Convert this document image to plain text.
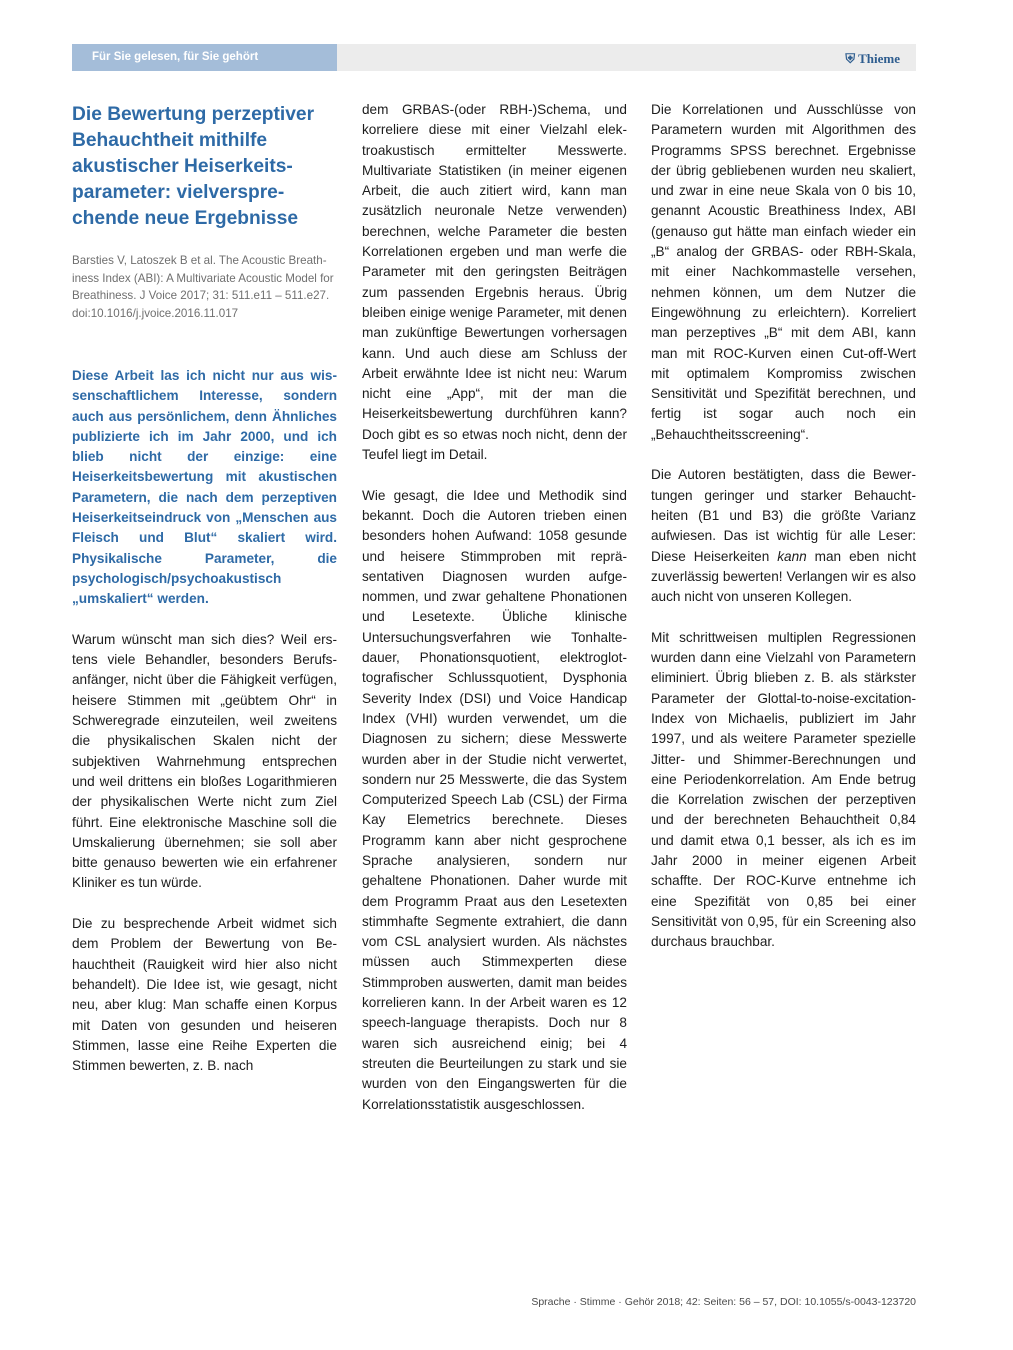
Für Sie gelesen, für Sie gehört	⛨ Thieme
Die Bewertung perzeptiver Behauchtheit mithilfe akustischer Heiserkeitsparameter: vielversprechende neue Ergebnisse
Barsties V, Latoszek B et al. The Acoustic Breathiness Index (ABI): A Multivariate Acoustic Model for Breathiness. J Voice 2017; 31: 511.e11 – 511.e27. doi:10.1016/j.jvoice.2016.11.017

Diese Arbeit las ich nicht nur aus wissenschaftlichem Interesse, sondern auch aus persönlichem, denn Ähnliches publizierte ich im Jahr 2000, und ich blieb nicht der einzige: eine Heiserkeitsbewertung mit akustischen Parametern, die nach dem perzeptiven Heiserkeitseindruck von „Menschen aus Fleisch und Blut“ skaliert wird. Physikalische Parameter, die psychologisch/psychoakustisch „umskaliert“ werden.

Warum wünscht man sich dies? Weil erstens viele Behandler, besonders Berufsanfänger, nicht über die Fähigkeit verfügen, heisere Stimmen mit „geübtem Ohr“ in Schweregrade einzuteilen, weil zweitens die physikalischen Skalen nicht der subjektiven Wahrnehmung entsprechen und weil drittens ein bloßes Logarithmieren der physikalischen Werte nicht zum Ziel führt. Eine elektronische Maschine soll die Umskalierung übernehmen; sie soll aber bitte genauso bewerten wie ein erfahrener Kliniker es tun würde.

Die zu besprechende Arbeit widmet sich dem Problem der Bewertung von Behauchtheit (Rauigkeit wird hier also nicht behandelt). Die Idee ist, wie gesagt, nicht neu, aber klug: Man schaffe einen Korpus mit Daten von gesunden und heiseren Stimmen, lasse eine Reihe Experten die Stimmen bewerten, z. B. nach

dem GRBAS-(oder RBH-)Schema, und korreliere diese mit einer Vielzahl elektroakustisch ermittelter Messwerte. Multivariate Statistiken (in meiner eigenen Arbeit, die auch zitiert wird, kann man zusätzlich neuronale Netze verwenden) berechnen, welche Parameter die besten Korrelationen ergeben und man werfe die Parameter mit den geringsten Beiträgen zum passenden Ergebnis heraus. Übrig bleiben einige wenige Parameter, mit denen man zukünftige Bewertungen vorhersagen kann. Und auch diese am Schluss der Arbeit erwähnte Idee ist nicht neu: Warum nicht eine „App“, mit der man die Heiserkeitsbewertung durchführen kann? Doch gibt es so etwas noch nicht, denn der Teufel liegt im Detail.

Wie gesagt, die Idee und Methodik sind bekannt. Doch die Autoren trieben einen besonders hohen Aufwand: 1058 gesunde und heisere Stimmproben mit repräsentativen Diagnosen wurden aufgenommen, und zwar gehaltene Phonationen und Lesetexte. Übliche klinische Untersuchungsverfahren wie Tonhaltedauer, Phonationsquotient, elektroglottografischer Schlussquotient, Dysphonia Severity Index (DSI) und Voice Handicap Index (VHI) wurden verwendet, um die Diagnosen zu sichern; diese Messwerte wurden aber in der Studie nicht verwertet, sondern nur 25 Messwerte, die das System Computerized Speech Lab (CSL) der Firma Kay Elemetrics berechnete. Dieses Programm kann aber nicht gesprochene Sprache analysieren, sondern nur gehaltene Phonationen. Daher wurde mit dem Programm Praat aus den Lesetexten stimmhafte Segmente extrahiert, die dann vom CSL analysiert wurden. Als nächstes müssen auch Stimmexperten diese Stimmproben auswerten, damit man beides korrelieren kann. In der Arbeit waren es 12 speech-language therapists. Doch nur 8 waren sich ausreichend einig; bei 4 streuten die Beurteilungen zu stark und sie wurden von den Eingangswerten für die Korrelationsstatistik ausgeschlossen.

Die Korrelationen und Ausschlüsse von Parametern wurden mit Algorithmen des Programms SPSS berechnet. Ergebnisse der übrig gebliebenen wurden neu skaliert, und zwar in eine neue Skala von 0 bis 10, genannt Acoustic Breathiness Index, ABI (genauso gut hätte man einfach wieder ein „B“ analog der GRBAS- oder RBH-Skala, mit einer Nachkommastelle versehen, nehmen können, um dem Nutzer die Eingewöhnung zu erleichtern). Korreliert man perzeptives „B“ mit dem ABI, kann man mit ROC-Kurven einen Cut-off-Wert mit optimalem Kompromiss zwischen Sensitivität und Spezifität berechnen, und fertig ist sogar auch noch ein „Behauchtheitsscreening“.

Die Autoren bestätigten, dass die Bewertungen geringer und starker Behauchtheiten (B1 und B3) die größte Varianz aufwiesen. Das ist wichtig für alle Leser: Diese Heiserkeiten kann man eben nicht zuverlässig bewerten! Verlangen wir es also auch nicht von unseren Kollegen.

Mit schrittweisen multiplen Regressionen wurden dann eine Vielzahl von Parametern eliminiert. Übrig blieben z. B. als stärkster Parameter der Glottal-to-noise-excitation-Index von Michaelis, publiziert im Jahr 1997, und als weitere Parameter spezielle Jitter- und Shimmer-Berechnungen und eine Periodenkorrelation. Am Ende betrug die Korrelation zwischen der perzeptiven und der berechneten Behauchtheit 0,84 und damit etwa 0,1 besser, als ich es im Jahr 2000 in meiner eigenen Arbeit schaffte. Der ROC-Kurve entnehme ich eine Spezifität von 0,85 bei einer Sensitivität von 0,95, für ein Screening also durchaus brauchbar.

Sprache · Stimme · Gehör 2018; 42: Seiten: 56 – 57, DOI: 10.1055/s-0043-123720
